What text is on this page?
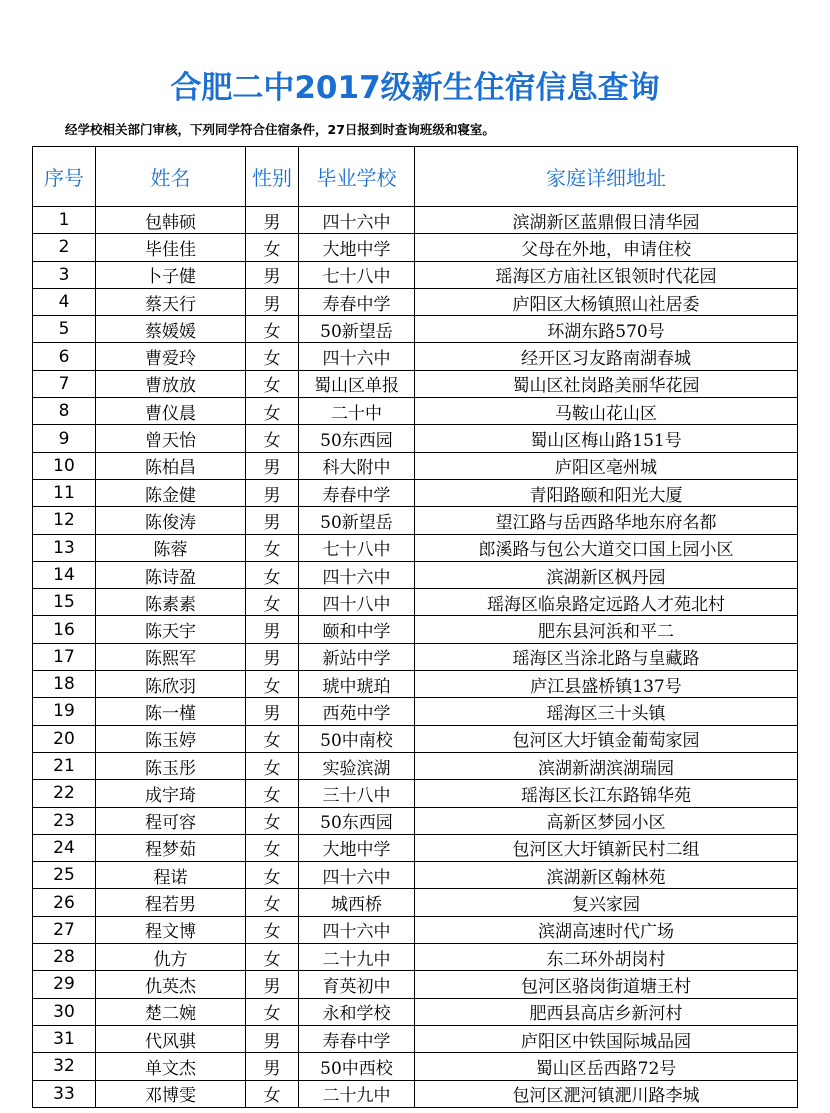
合肥二中2017级新生住宿信息查询
经学校相关部门审核，下列同学符合住宿条件，27日报到时查询班级和寝室。
序号	姓名	性别	毕业学校	家庭详细地址
1	包韩硕	男	四十六中	滨湖新区蓝鼎假日清华园
2	毕佳佳	女	大地中学	父母在外地，申请住校
3	卜子健	男	七十八中	瑶海区方庙社区银领时代花园
4	蔡天行	男	寿春中学	庐阳区大杨镇照山社居委
5	蔡媛媛	女	50新望岳	环湖东路570号
6	曹爱玲	女	四十六中	经开区习友路南湖春城
7	曹放放	女	蜀山区单报	蜀山区社岗路美丽华花园
8	曹仪晨	女	二十中	马鞍山花山区
9	曾天怡	女	50东西园	蜀山区梅山路151号
10	陈柏昌	男	科大附中	庐阳区亳州城
11	陈金健	男	寿春中学	青阳路颐和阳光大厦
12	陈俊涛	男	50新望岳	望江路与岳西路华地东府名都
13	陈蓉	女	七十八中	郎溪路与包公大道交口国上园小区
14	陈诗盈	女	四十六中	滨湖新区枫丹园
15	陈素素	女	四十八中	瑶海区临泉路定远路人才苑北村
16	陈天宇	男	颐和中学	肥东县河浜和平二
17	陈熙军	男	新站中学	瑶海区当涂北路与皇藏路
18	陈欣羽	女	琥中琥珀	庐江县盛桥镇137号
19	陈一槿	男	西苑中学	瑶海区三十头镇
20	陈玉婷	女	50中南校	包河区大圩镇金葡萄家园
21	陈玉彤	女	实验滨湖	滨湖新湖滨湖瑞园
22	成宇琦	女	三十八中	瑶海区长江东路锦华苑
23	程可容	女	50东西园	高新区梦园小区
24	程梦茹	女	大地中学	包河区大圩镇新民村二组
25	程诺	女	四十六中	滨湖新区翰林苑
26	程若男	女	城西桥	复兴家园
27	程文博	女	四十六中	滨湖高速时代广场
28	仇方	女	二十九中	东二环外胡岗村
29	仇英杰	男	育英初中	包河区骆岗街道塘王村
30	楚二婉	女	永和学校	肥西县高店乡新河村
31	代风骐	男	寿春中学	庐阳区中铁国际城品园
32	单文杰	男	50中西校	蜀山区岳西路72号
33	邓博雯	女	二十九中	包河区淝河镇淝川路李城
